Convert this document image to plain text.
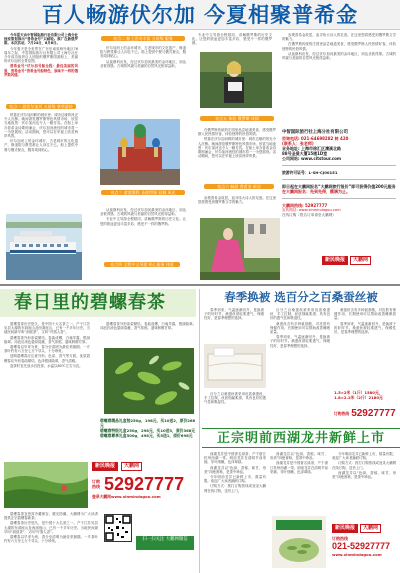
百人畅游伏尔加 今夏相聚普希金

今年夏天由中智国际旅行社有限公司上海分社独家策划推出“普希金号”只邮轮。推广在新俄罗斯。本次活动，7月24日，8月8日。

今年夏天是全世界在广东东南省海外地区76周年之际，中智国际旅行社有限公司上海分社在今年成功组织百人团组织俄罗斯国游船上，美丽的伏尔加河全景览图。

普希金号“伏尔加号船全程：最佳美丽的风景，普希金号“普希金号船特色，原味不一样的俄罗斯风情。

亮点一 游伏尔加河 五星级 豪华游轮

停靠在伏尔加河畔的城市里：城市边缘的风光令人沉醉。晚间游览俄罗斯特色风情市场，欣赏当地夜景：伏尔加河也令人一睹芳容。在船上举办普希金诗歌朗诵会，伏尔加河流经的城市将一一为您展现。活动期间，您可以在甲板上欣赏两岸风景。

伏尔加河上的金环城市，古老城市的文化遗产，修道院与教堂都让人向往不已。船上提供中餐与俄式餐点，服务周到贴心。

亮点二 船上活动丰富 五星级 服务

伏尔加河上的金环城市，古老城市的文化遗产，修道院与教堂都让人向往不已。船上提供中餐与俄式餐点，服务周到贴心。

从莫斯科出发，经过伏尔加河最美的金环地区，到达圣彼得堡。古城的风貌与美丽的自然风光相得益彰。

亮点三 游莫斯科 圣彼得堡 双城 风光

从莫斯科出发，经过伏尔加河最美的金环地区，到达圣彼得堡。古城的风貌与美丽的自然风光相得益彰。

专业中文导游全程陪同，讲解俄罗斯的历史文化。让您的旅途更加丰富多彩，感受不一样的俄罗斯。

亮点四 全程中文导游 贴心服务 体验

专业中文导游全程陪同，讲解俄罗斯的历史文化。让您的旅途更加丰富多彩，感受不一样的俄罗斯。

亮点五 体验 俄罗斯 风情

在俄罗斯传统的庄园里品尝地道美食，感受俄罗斯人民热情好客，体验独特的民俗风情。

停靠在伏尔加河畔的城市里：城市边缘的风光令人沉醉。晚间游览俄罗斯特色风情市场，欣赏当地夜景：伏尔加河也令人一睹芳容。在船上举办普希金诗歌朗诵会，伏尔加河流经的城市将一一为您展现。活动期间，您可以在甲板上欣赏两岸风景。

亮点六 畅游 普希金 故居

参观普希金故居，追寻伟大诗人的足迹。在这里您将感受到俄罗斯文学的魅力。

参观普希金故居，追寻伟大诗人的足迹。在这里您将感受到俄罗斯文学的魅力。

在俄罗斯传统的庄园里品尝地道美食，感受俄罗斯人民热情好客，体验独特的民俗风情。

从莫斯科出发，经过伏尔加河最美的金环地区，到达圣彼得堡。古城的风貌与美丽的自然风光相得益彰。

中智国际旅行社上海分社有限公司
咨询电话: 021-64698282 转 420
(联系人：张老师)
业务地址: 上海市徐汇区漕溪北路
88号圣爱大厦15楼1D室
公司网站: www.citstour.com
旅游许可证号：L-SH-CJ00151
即日起在大鹏网报名“大鹏网旅行报价”即可获得价值200元服务
在大鹏网报名：先到先得，额满为止。
大鹏网热线: 52927777
宣传网站: www.xinmindagou.com
在线订购（报名订单请至大鹏网）
新民晚报	大鹏网
春日里的碧螺春茶

碧螺春茶历史悠久，是中国十大名茶之一。产于江苏吴县太湖的东洞庭山及西洞庭山，已有一千多年历史。当地民间最早叫“洞庭茶”，又叫“吓煞人香”。

碧螺春茶外形条索紧结，卷曲成螺，白毫毕露，银绿隐翠。冲泡后汤色碧绿清澈，香气浓郁，滋味鲜醇甘厚。

碧螺春以早采为贵，春分至清明为最佳采摘期。一斤茶叶约有六万至七万个芽头，十分珍贵。

选购碧螺春应注意外形、色泽、香气等方面。优质碧螺春应外形卷曲紧结，色泽银绿隐翠，香气清雅。

泡茶时宜先放水后投茶，水温以80℃左右为宜。

碧螺春茶外形条索紧结，卷曲成螺，白毫毕露，银绿隐翠。冲泡后汤色碧绿清澈，香气浓郁，滋味鲜醇甘厚。

碧螺春精品礼盒装250g，198元，买10送2，原价268元
碧螺春特级礼盒250g，298元，买10送3，原价368元
碧螺春尊享礼盒500g，498元，买5送1，原价698元
新民晚报	大鹏网
订购热线 52927777
登录大鹏网www.xinmindagou.com

碧螺春茶宜密封冷藏保存，避光防潮。大鹏网为广大读者提供正宗碧螺春新茶。

碧螺春茶历史悠久，是中国十大名茶之一。产于江苏吴县太湖的东洞庭山及西洞庭山，已有一千多年历史。当地民间最早叫“洞庭茶”，又叫“吓煞人香”。

碧螺春以早采为贵，春分至清明为最佳采摘期。一斤茶叶约有六万至七万个芽头，十分珍贵。	扫一扫关注 大鹏网微信
春季换被 选百分之百桑蚕丝被

春季到来，气温逐渐回升，是换被子的好时节。桑蚕丝被轻柔透气，保暖性好，是春季理想的选择。

百分之百桑蚕丝被采用优质桑蚕丝，手工拉制，丝质细腻柔滑，具有良好的透气性和吸湿性。

百分之百桑蚕丝被采用优质桑蚕丝，手工拉制，丝质细腻柔滑，具有良好的透气性和吸湿性。

桑蚕丝含有多种氨基酸，对皮肤有保健作用，长期使用可以帮助改善睡眠质量。

春季到来，气温逐渐回升，是换被子的好时节。桑蚕丝被轻柔透气，保暖性好，是春季理想的选择。

桑蚕丝含有多种氨基酸，对皮肤有保健作用，长期使用可以帮助改善睡眠质量。

春季到来，气温逐渐回升，是换被子的好时节。桑蚕丝被轻柔透气，保暖性好，是春季理想的选择。

1.5×2米（1斤）1580元，1.8×2.2米（2斤）2180元
订购热线 52927777
正宗明前西湖龙井新鲜上市

西湖龙井是中国著名绿茶，产于浙江杭州西湖一带。明前龙井在清明节前采摘，芽叶细嫩，色泽翠绿。

西湖龙井以“色绿、香郁、味甘、形美”四绝著称，是茶中珍品。

今年明前龙井已新鲜上市，数量有限，欢迎广大读者踊跃订购。

订购方式：拨打订购热线或登录大鹏网在线订购，送货上门。

西湖龙井以“色绿、香郁、味甘、形美”四绝著称，是茶中珍品。

西湖龙井是中国著名绿茶，产于浙江杭州西湖一带。明前龙井在清明节前采摘，芽叶细嫩，色泽翠绿。

今年明前龙井已新鲜上市，数量有限，欢迎广大读者踊跃订购。

订购方式：拨打订购热线或登录大鹏网在线订购，送货上门。

西湖龙井以“色绿、香郁、味甘、形美”四绝著称，是茶中珍品。

新民晚报	大鹏网
订购热线
021-52927777
www.xinmindagou.com
